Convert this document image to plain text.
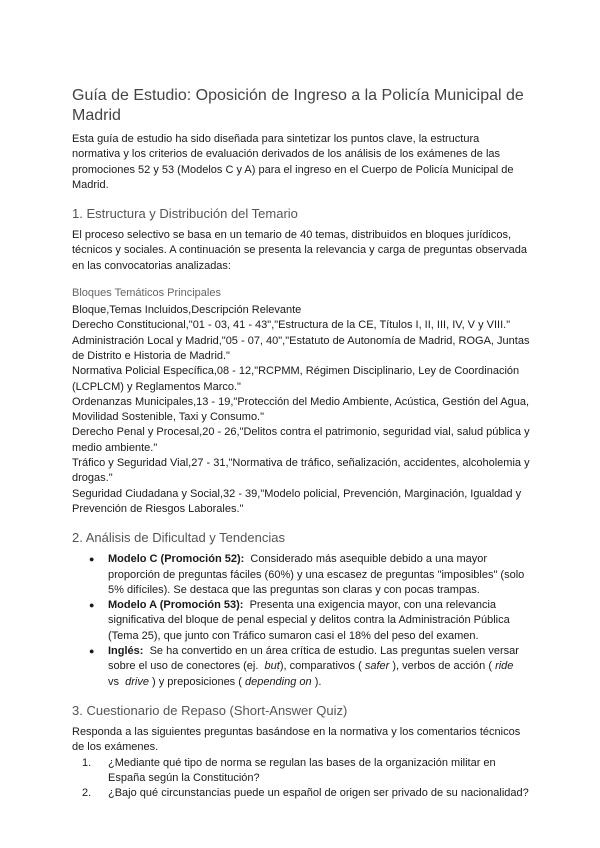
Guía de Estudio: Oposición de Ingreso a la Policía Municipal de Madrid

Esta guía de estudio ha sido diseñada para sintetizar los puntos clave, la estructura normativa y los criterios de evaluación derivados de los análisis de los exámenes de las promociones 52 y 53 (Modelos C y A) para el ingreso en el Cuerpo de Policía Municipal de Madrid.

1. Estructura y Distribución del Temario

El proceso selectivo se basa en un temario de 40 temas, distribuidos en bloques jurídicos, técnicos y sociales. A continuación se presenta la relevancia y carga de preguntas observada en las convocatorias analizadas:

Bloques Temáticos Principales
Bloque,Temas Incluidos,Descripción Relevante
Derecho Constitucional,"01 - 03, 41 - 43","Estructura de la CE, Títulos I, II, III, IV, V y VIII."
Administración Local y Madrid,"05 - 07, 40","Estatuto de Autonomía de Madrid, ROGA, Juntas de Distrito e Historia de Madrid."
Normativa Policial Específica,08 - 12,"RCPMM, Régimen Disciplinario, Ley de Coordinación (LCPLCM) y Reglamentos Marco."
Ordenanzas Municipales,13 - 19,"Protección del Medio Ambiente, Acústica, Gestión del Agua, Movilidad Sostenible, Taxi y Consumo."
Derecho Penal y Procesal,20 - 26,"Delitos contra el patrimonio, seguridad vial, salud pública y medio ambiente."
Tráfico y Seguridad Vial,27 - 31,"Normativa de tráfico, señalización, accidentes, alcoholemia y drogas."
Seguridad Ciudadana y Social,32 - 39,"Modelo policial, Prevención, Marginación, Igualdad y Prevención de Riesgos Laborales."
2. Análisis de Dificultad y Tendencias
● Modelo C (Promoción 52): Considerado más asequible debido a una mayor proporción de preguntas fáciles (60%) y una escasez de preguntas "imposibles" (solo 5% difíciles). Se destaca que las preguntas son claras y con pocas trampas.
● Modelo A (Promoción 53): Presenta una exigencia mayor, con una relevancia significativa del bloque de penal especial y delitos contra la Administración Pública (Tema 25), que junto con Tráfico sumaron casi el 18% del peso del examen.
● Inglés: Se ha convertido en un área crítica de estudio. Las preguntas suelen versar sobre el uso de conectores (ej. but), comparativos ( safer ), verbos de acción ( ride
vs drive ) y preposiciones ( depending on ).
3. Cuestionario de Repaso (Short-Answer Quiz)

Responda a las siguientes preguntas basándose en la normativa y los comentarios técnicos de los exámenes.

1. ¿Mediante qué tipo de norma se regulan las bases de la organización militar en España según la Constitución?
2. ¿Bajo qué circunstancias puede un español de origen ser privado de su nacionalidad?
